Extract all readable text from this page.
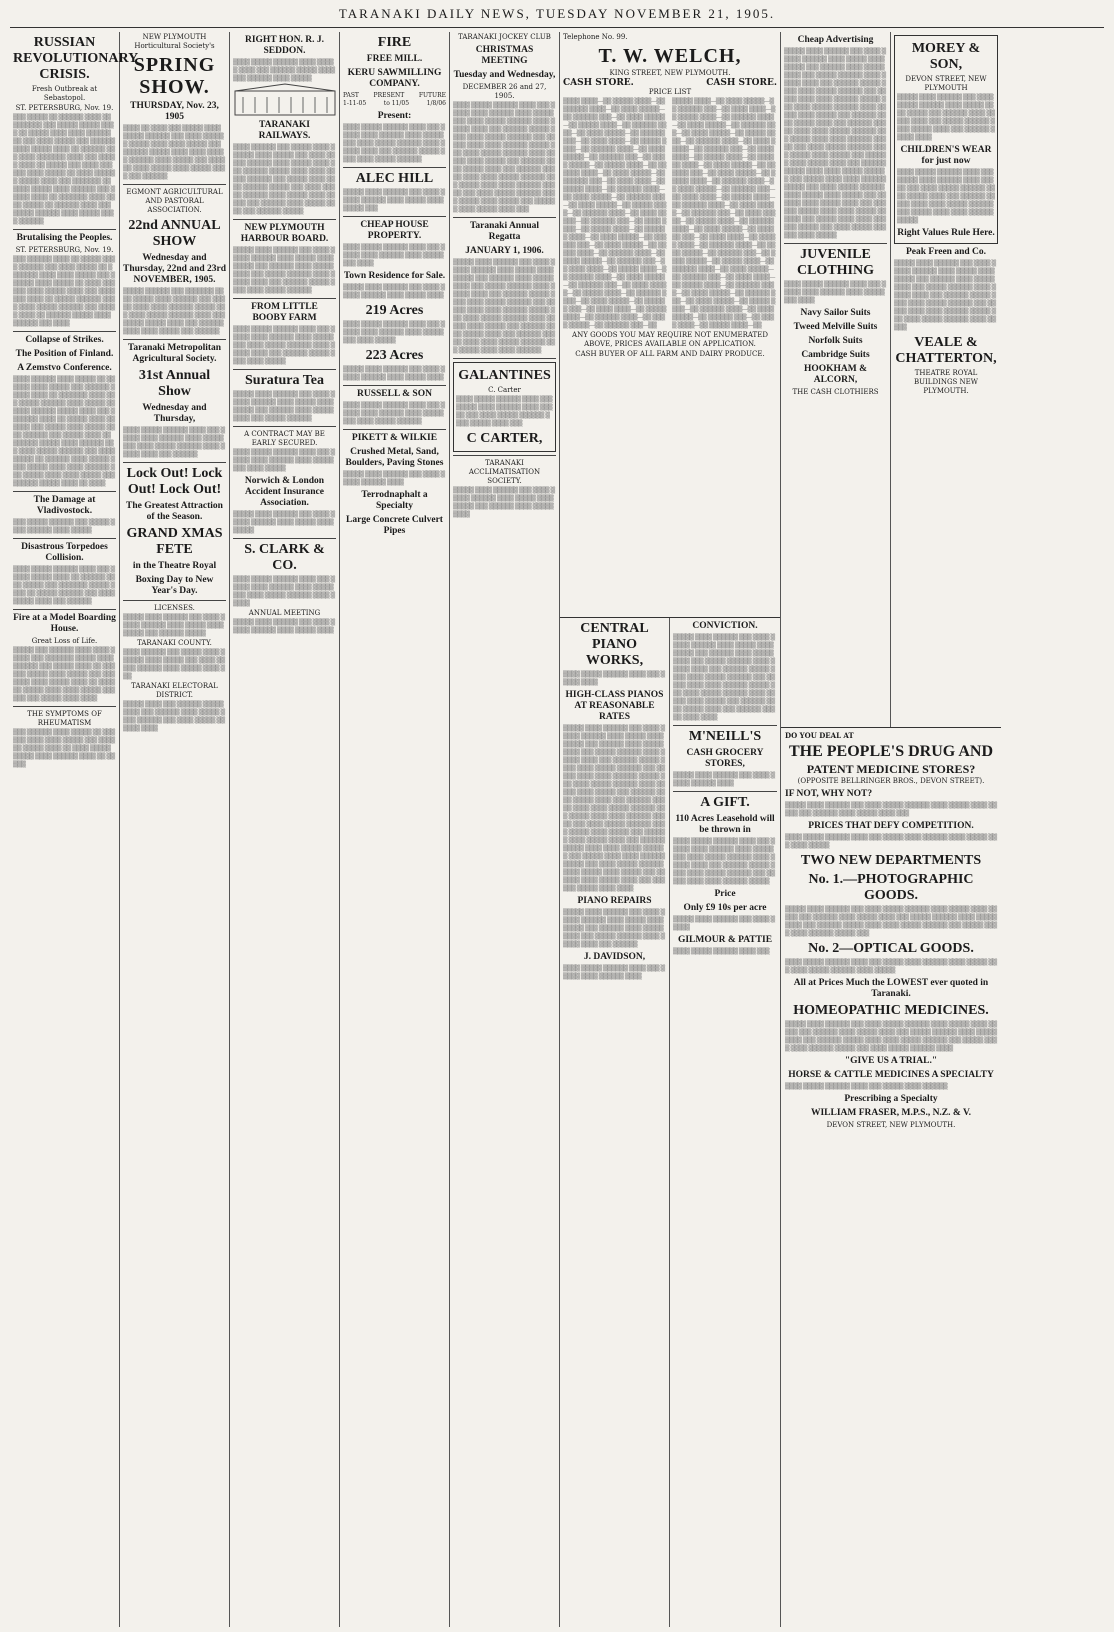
TARANAKI DAILY NEWS, TUESDAY NOVEMBER 21, 1905.
RUSSIAN REVOLUTIONARY CRISIS.
Fresh Outbreak at Sebastopol.
ST. PETERSBURG, Nov. 19.
▒▒▒ ▒▒▒▒▒ ▒▒ ▒▒▒▒▒▒ ▒▒▒▒ ▒▒ ▒▒▒▒▒▒▒ ▒▒▒ ▒▒▒▒▒ ▒▒▒▒▒ ▒▒▒▒ ▒▒ ▒▒▒▒▒ ▒▒▒▒ ▒▒▒▒ ▒▒▒▒▒▒ ▒▒ ▒▒▒ ▒▒▒▒ ▒▒▒▒▒ ▒▒▒ ▒▒▒▒▒▒ ▒▒▒▒ ▒▒▒▒▒ ▒▒▒▒ ▒▒ ▒▒▒▒▒▒ ▒▒▒ ▒▒▒▒ ▒▒▒▒▒▒▒ ▒▒▒▒ ▒▒▒ ▒▒▒▒▒ ▒▒▒▒ ▒▒ ▒▒▒▒▒ ▒▒▒ ▒▒▒▒ ▒▒▒▒▒▒ ▒▒▒▒ ▒▒▒▒▒ ▒▒ ▒▒▒▒ ▒▒▒▒▒▒ ▒▒▒▒▒ ▒▒▒▒ ▒▒▒ ▒▒▒▒▒▒▒ ▒▒ ▒▒▒▒ ▒▒▒▒▒ ▒▒▒▒ ▒▒▒▒▒▒ ▒▒▒ ▒▒▒▒▒ ▒▒▒▒ ▒▒ ▒▒▒▒▒▒▒ ▒▒▒▒ ▒▒▒▒ ▒▒▒▒▒ ▒▒ ▒▒▒▒▒▒ ▒▒▒▒ ▒▒▒ ▒▒▒▒▒ ▒▒▒▒▒▒ ▒▒▒▒ ▒▒▒▒▒ ▒▒▒▒ ▒▒▒▒▒▒
Brutalising the Peoples.
ST. PETERSBURG, Nov. 19.
▒▒▒ ▒▒▒▒▒▒ ▒▒▒▒ ▒▒ ▒▒▒▒▒ ▒▒▒▒ ▒▒▒▒▒▒ ▒▒▒ ▒▒▒▒ ▒▒▒▒▒ ▒▒ ▒▒▒▒▒▒▒ ▒▒▒▒ ▒▒▒▒ ▒▒▒▒▒ ▒▒▒ ▒▒▒▒▒▒ ▒▒▒▒ ▒▒▒▒▒ ▒▒ ▒▒▒▒ ▒▒▒▒▒▒ ▒▒▒▒ ▒▒▒▒▒ ▒▒▒▒ ▒▒▒ ▒▒▒▒▒▒▒ ▒▒▒▒ ▒▒ ▒▒▒▒▒ ▒▒▒▒▒▒ ▒▒▒▒ ▒▒▒▒ ▒▒▒▒▒ ▒▒▒▒▒▒ ▒▒▒ ▒▒▒▒▒ ▒▒▒▒ ▒▒ ▒▒▒▒▒▒ ▒▒▒▒▒ ▒▒▒▒ ▒▒▒▒▒▒ ▒▒▒ ▒▒▒▒
Collapse of Strikes.
The Position of Finland.
A Zemstvo Conference.
▒▒▒▒ ▒▒▒▒▒▒ ▒▒▒▒ ▒▒▒▒▒ ▒▒ ▒▒▒▒▒▒ ▒▒▒▒ ▒▒▒▒▒ ▒▒▒ ▒▒▒▒▒▒ ▒▒▒▒▒ ▒▒▒▒ ▒▒ ▒▒▒▒▒▒▒ ▒▒▒▒ ▒▒▒ ▒▒▒▒▒ ▒▒▒▒▒▒ ▒▒▒▒ ▒▒▒▒▒ ▒▒ ▒▒▒▒ ▒▒▒▒▒▒ ▒▒▒▒▒ ▒▒▒▒ ▒▒▒ ▒▒▒▒▒▒▒ ▒▒▒▒ ▒▒ ▒▒▒▒▒ ▒▒▒▒ ▒▒▒▒▒▒ ▒▒▒ ▒▒▒▒▒ ▒▒▒▒ ▒▒▒▒▒ ▒▒▒▒ ▒▒▒▒▒▒ ▒▒▒ ▒▒▒▒▒ ▒▒▒▒ ▒▒ ▒▒▒▒▒▒ ▒▒▒▒▒ ▒▒▒▒ ▒▒▒▒▒▒ ▒▒▒ ▒▒▒▒ ▒▒▒▒▒ ▒▒▒▒▒▒ ▒▒▒ ▒▒▒▒ ▒▒▒▒▒ ▒▒ ▒▒▒▒▒▒ ▒▒▒▒ ▒▒▒▒▒ ▒▒▒▒ ▒▒▒▒▒ ▒▒▒▒ ▒▒▒▒ ▒▒▒▒▒▒ ▒▒▒ ▒▒▒▒▒ ▒▒▒▒ ▒▒▒▒ ▒▒▒▒▒ ▒▒▒ ▒▒▒▒▒▒ ▒▒▒▒▒ ▒▒▒▒ ▒▒ ▒▒▒▒
The Damage at Vladivostock.
▒▒▒ ▒▒▒▒▒ ▒▒▒▒▒▒ ▒▒▒ ▒▒▒▒▒ ▒▒▒▒ ▒▒▒▒▒▒ ▒▒▒▒ ▒▒▒▒▒
Disastrous Torpedoes Collision.
▒▒▒▒ ▒▒▒▒▒ ▒▒▒▒▒▒ ▒▒▒▒ ▒▒▒ ▒▒▒▒▒ ▒▒▒▒▒ ▒▒▒▒ ▒▒ ▒▒▒▒▒▒ ▒▒▒▒ ▒▒▒▒▒ ▒▒▒ ▒▒▒▒▒▒▒ ▒▒▒▒▒ ▒▒▒▒ ▒▒ ▒▒▒▒▒ ▒▒▒▒▒▒ ▒▒▒ ▒▒▒▒ ▒▒▒▒▒ ▒▒▒▒ ▒▒▒ ▒▒▒▒▒▒
Fire at a Model Boarding House.
Great Loss of Life.
▒▒▒▒▒ ▒▒▒ ▒▒▒▒▒▒ ▒▒▒▒ ▒▒▒▒ ▒▒▒▒▒ ▒▒▒ ▒▒▒▒▒▒▒ ▒▒▒▒▒ ▒▒▒▒ ▒▒▒▒▒▒ ▒▒▒ ▒▒▒▒▒ ▒▒▒▒ ▒▒ ▒▒▒▒▒▒ ▒▒▒▒▒ ▒▒▒▒ ▒▒▒▒▒ ▒▒▒ ▒▒▒▒▒▒▒ ▒▒▒▒ ▒▒▒▒▒ ▒▒▒▒ ▒▒ ▒▒▒▒▒▒ ▒▒▒▒▒ ▒▒▒▒ ▒▒▒▒ ▒▒▒▒▒ ▒▒▒▒▒▒ ▒▒▒ ▒▒▒▒▒ ▒▒▒▒ ▒▒▒▒
THE SYMPTOMS OF RHEUMATISM
▒▒▒ ▒▒▒▒▒▒ ▒▒▒▒ ▒▒▒▒▒ ▒▒ ▒▒▒▒▒▒ ▒▒▒▒ ▒▒▒▒ ▒▒▒▒▒ ▒▒▒ ▒▒▒▒▒▒ ▒▒▒▒▒ ▒▒▒▒ ▒▒ ▒▒▒▒ ▒▒▒▒▒ ▒▒▒▒▒ ▒▒▒▒ ▒▒▒▒▒▒ ▒▒▒▒ ▒▒ ▒▒▒▒▒
NEW PLYMOUTH Horticultural Society's
SPRING SHOW.
THURSDAY, Nov. 23, 1905
▒▒▒▒ ▒▒ ▒▒▒▒ ▒▒▒ ▒▒▒▒▒ ▒▒▒▒ ▒▒▒▒▒ ▒▒▒▒▒▒ ▒▒▒ ▒▒▒▒ ▒▒▒▒▒▒ ▒▒▒▒▒ ▒▒▒▒ ▒▒▒▒ ▒▒▒▒▒ ▒▒▒ ▒▒▒▒▒▒ ▒▒▒▒▒ ▒▒▒▒ ▒▒▒▒ ▒▒▒▒▒ ▒▒▒▒▒▒ ▒▒▒▒ ▒▒▒▒▒ ▒▒▒ ▒▒▒▒▒▒ ▒▒▒▒ ▒▒▒▒▒ ▒▒▒▒ ▒▒▒▒▒ ▒▒▒▒ ▒▒▒ ▒▒▒▒▒▒
EGMONT AGRICULTURAL AND PASTORAL ASSOCIATION.
22nd ANNUAL SHOW
Wednesday and Thursday, 22nd and 23rd NOVEMBER, 1905.
▒▒▒▒▒ ▒▒▒▒▒▒ ▒▒▒ ▒▒▒▒▒▒▒ ▒▒▒▒ ▒▒▒▒▒ ▒▒▒▒ ▒▒▒▒▒▒ ▒▒▒ ▒▒▒▒▒ ▒▒▒▒ ▒▒▒▒ ▒▒▒▒▒▒ ▒▒▒▒▒ ▒▒▒ ▒▒▒▒ ▒▒▒▒▒ ▒▒▒▒▒▒ ▒▒▒▒ ▒▒▒ ▒▒▒▒▒ ▒▒▒▒▒ ▒▒▒▒ ▒▒▒ ▒▒▒▒▒▒ ▒▒▒▒ ▒▒▒▒ ▒▒▒▒▒ ▒▒▒ ▒▒▒▒▒▒
Taranaki Metropolitan Agricultural Society.
31st Annual Show
Wednesday and Thursday,
▒▒▒▒ ▒▒▒▒▒ ▒▒▒▒▒▒ ▒▒▒▒ ▒▒▒ ▒▒▒▒▒ ▒▒▒▒ ▒▒▒▒▒▒ ▒▒▒▒ ▒▒▒▒▒ ▒▒▒ ▒▒▒▒ ▒▒▒▒▒ ▒▒▒▒▒▒ ▒▒▒▒ ▒▒▒▒▒ ▒▒▒▒ ▒▒▒ ▒▒▒▒▒▒
Lock Out! Lock Out! Lock Out!
The Greatest Attraction of the Season.
GRAND XMAS FETE
in the Theatre Royal
Boxing Day to New Year's Day.
LICENSES.
▒▒▒▒▒ ▒▒▒▒ ▒▒▒▒▒▒ ▒▒▒ ▒▒▒▒ ▒▒▒▒▒ ▒▒▒▒▒▒ ▒▒▒▒ ▒▒▒▒▒ ▒▒▒▒ ▒▒▒▒▒ ▒▒▒ ▒▒▒▒▒▒ ▒▒▒▒▒
TARANAKI COUNTY.
▒▒▒▒ ▒▒▒▒▒▒ ▒▒▒ ▒▒▒▒▒ ▒▒▒▒ ▒▒▒▒▒▒ ▒▒▒▒ ▒▒▒▒▒ ▒▒▒ ▒▒▒▒ ▒▒▒▒▒ ▒▒▒▒▒▒ ▒▒▒▒ ▒▒▒▒▒ ▒▒▒▒ ▒▒▒
TARANAKI ELECTORAL DISTRICT.
▒▒▒▒▒ ▒▒▒▒ ▒▒▒ ▒▒▒▒▒▒ ▒▒▒▒▒ ▒▒▒▒ ▒▒▒ ▒▒▒▒▒▒ ▒▒▒▒ ▒▒▒▒▒ ▒▒▒▒ ▒▒▒▒▒▒ ▒▒▒ ▒▒▒▒ ▒▒▒▒▒ ▒▒▒▒▒▒ ▒▒▒▒
RIGHT HON. R. J. SEDDON.
▒▒▒▒ ▒▒▒▒▒ ▒▒▒▒▒▒ ▒▒▒▒ ▒▒▒▒▒ ▒▒▒▒ ▒▒▒ ▒▒▒▒▒▒ ▒▒▒▒▒ ▒▒▒▒ ▒▒▒ ▒▒▒▒▒▒ ▒▒▒▒ ▒▒▒▒▒
TARANAKI RAILWAYS.
▒▒▒▒ ▒▒▒▒▒▒ ▒▒▒ ▒▒▒▒▒ ▒▒▒▒ ▒▒▒▒▒▒ ▒▒▒▒ ▒▒▒▒▒ ▒▒▒ ▒▒▒▒ ▒▒▒▒▒ ▒▒▒▒▒▒ ▒▒▒▒ ▒▒▒▒▒ ▒▒▒▒ ▒▒▒ ▒▒▒▒▒▒ ▒▒▒▒▒ ▒▒▒▒ ▒▒▒▒ ▒▒▒▒▒ ▒▒▒▒▒▒ ▒▒▒ ▒▒▒▒▒ ▒▒▒▒ ▒▒▒▒ ▒▒▒▒▒▒ ▒▒▒▒▒ ▒▒▒ ▒▒▒▒ ▒▒▒▒▒ ▒▒▒▒▒▒ ▒▒▒▒ ▒▒▒▒▒ ▒▒▒▒ ▒▒▒▒▒ ▒▒▒ ▒▒▒▒▒▒ ▒▒▒▒ ▒▒▒▒▒ ▒▒▒▒ ▒▒▒ ▒▒▒▒▒▒ ▒▒▒▒▒
NEW PLYMOUTH HARBOUR BOARD.
▒▒▒▒▒ ▒▒▒▒ ▒▒▒▒▒▒ ▒▒▒ ▒▒▒▒ ▒▒▒▒▒ ▒▒▒▒▒▒ ▒▒▒▒ ▒▒▒▒▒ ▒▒▒▒ ▒▒▒▒▒ ▒▒▒ ▒▒▒▒▒▒ ▒▒▒▒ ▒▒▒▒▒ ▒▒▒▒ ▒▒▒ ▒▒▒▒▒ ▒▒▒▒▒▒ ▒▒▒▒ ▒▒▒▒▒ ▒▒▒▒ ▒▒▒ ▒▒▒▒▒▒ ▒▒▒▒▒ ▒▒▒▒ ▒▒▒▒ ▒▒▒▒▒ ▒▒▒▒▒▒
FROM LITTLE BOOBY FARM
▒▒▒▒ ▒▒▒▒▒ ▒▒▒▒▒▒ ▒▒▒▒ ▒▒▒ ▒▒▒▒▒ ▒▒▒▒ ▒▒▒▒▒▒ ▒▒▒▒ ▒▒▒▒▒ ▒▒▒ ▒▒▒▒ ▒▒▒▒▒ ▒▒▒▒▒▒ ▒▒▒▒ ▒▒▒▒▒ ▒▒▒▒ ▒▒▒ ▒▒▒▒▒▒ ▒▒▒▒▒ ▒▒▒▒ ▒▒▒▒ ▒▒▒▒▒
Suratura Tea
▒▒▒▒▒ ▒▒▒▒ ▒▒▒▒▒▒ ▒▒▒ ▒▒▒▒ ▒▒▒▒▒ ▒▒▒▒▒▒ ▒▒▒▒ ▒▒▒▒▒ ▒▒▒▒ ▒▒▒▒▒ ▒▒▒ ▒▒▒▒▒▒ ▒▒▒▒ ▒▒▒▒▒ ▒▒▒▒ ▒▒▒ ▒▒▒▒▒ ▒▒▒▒▒▒
A CONTRACT MAY BE EARLY SECURED.
▒▒▒▒ ▒▒▒▒▒ ▒▒▒▒▒▒ ▒▒▒▒ ▒▒▒ ▒▒▒▒▒ ▒▒▒▒ ▒▒▒▒▒▒ ▒▒▒▒ ▒▒▒▒▒ ▒▒▒ ▒▒▒▒ ▒▒▒▒▒
Norwich & London Accident Insurance Association.
▒▒▒▒▒ ▒▒▒▒ ▒▒▒▒▒▒ ▒▒▒ ▒▒▒▒ ▒▒▒▒▒ ▒▒▒▒▒▒ ▒▒▒▒ ▒▒▒▒▒ ▒▒▒▒ ▒▒▒▒▒
S. CLARK & CO.
▒▒▒▒ ▒▒▒▒▒ ▒▒▒▒▒▒ ▒▒▒▒ ▒▒▒ ▒▒▒▒▒ ▒▒▒▒ ▒▒▒▒▒▒ ▒▒▒▒ ▒▒▒▒▒ ▒▒▒ ▒▒▒▒ ▒▒▒▒▒ ▒▒▒▒▒▒ ▒▒▒▒ ▒▒▒▒▒
ANNUAL MEETING
▒▒▒▒▒ ▒▒▒▒ ▒▒▒▒▒▒ ▒▒▒ ▒▒▒▒ ▒▒▒▒▒ ▒▒▒▒▒▒ ▒▒▒▒ ▒▒▒▒▒ ▒▒▒▒
FIRE
FREE MILL.
KERU SAWMILLING COMPANY.
PAST PRESENT FUTURE
1-11-05	to 11/05	1/8/06
Present:
▒▒▒▒ ▒▒▒▒▒ ▒▒▒▒▒▒ ▒▒▒▒ ▒▒▒ ▒▒▒▒▒ ▒▒▒▒ ▒▒▒▒▒▒ ▒▒▒▒ ▒▒▒▒▒ ▒▒▒ ▒▒▒▒ ▒▒▒▒▒ ▒▒▒▒▒▒ ▒▒▒▒ ▒▒▒▒▒ ▒▒▒▒ ▒▒▒ ▒▒▒▒▒▒ ▒▒▒▒▒ ▒▒▒▒ ▒▒▒▒ ▒▒▒▒▒ ▒▒▒▒▒▒
ALEC HILL
▒▒▒▒▒ ▒▒▒▒ ▒▒▒▒▒▒ ▒▒▒ ▒▒▒▒ ▒▒▒▒▒ ▒▒▒▒▒▒ ▒▒▒▒ ▒▒▒▒▒ ▒▒▒▒ ▒▒▒▒▒ ▒▒▒
CHEAP HOUSE PROPERTY.
▒▒▒▒ ▒▒▒▒▒ ▒▒▒▒▒▒ ▒▒▒▒ ▒▒▒ ▒▒▒▒▒ ▒▒▒▒ ▒▒▒▒▒▒ ▒▒▒▒ ▒▒▒▒▒ ▒▒▒ ▒▒▒▒
Town Residence for Sale.
▒▒▒▒▒ ▒▒▒▒ ▒▒▒▒▒▒ ▒▒▒ ▒▒▒▒ ▒▒▒▒▒ ▒▒▒▒▒▒ ▒▒▒▒ ▒▒▒▒▒ ▒▒▒▒
219 Acres
▒▒▒▒ ▒▒▒▒▒ ▒▒▒▒▒▒ ▒▒▒▒ ▒▒▒ ▒▒▒▒▒ ▒▒▒▒ ▒▒▒▒▒▒ ▒▒▒▒ ▒▒▒▒▒ ▒▒▒ ▒▒▒▒ ▒▒▒▒▒
223 Acres
▒▒▒▒▒ ▒▒▒▒ ▒▒▒▒▒▒ ▒▒▒ ▒▒▒▒ ▒▒▒▒▒ ▒▒▒▒▒▒ ▒▒▒▒ ▒▒▒▒▒ ▒▒▒▒
RUSSELL & SON
▒▒▒▒ ▒▒▒▒▒ ▒▒▒▒▒▒ ▒▒▒▒ ▒▒▒ ▒▒▒▒▒ ▒▒▒▒ ▒▒▒▒▒▒ ▒▒▒▒ ▒▒▒▒▒ ▒▒▒ ▒▒▒▒ ▒▒▒▒▒ ▒▒▒▒▒▒
PIKETT & WILKIE
Crushed Metal, Sand, Boulders, Paving Stones
▒▒▒▒▒ ▒▒▒▒ ▒▒▒▒▒▒ ▒▒▒ ▒▒▒▒ ▒▒▒▒▒ ▒▒▒▒▒▒ ▒▒▒▒
Terrodnaphalt a Specialty
Large Concrete Culvert Pipes
TARANAKI JOCKEY CLUB
CHRISTMAS MEETING
Tuesday and Wednesday,
DECEMBER 26 and 27, 1905.
▒▒▒▒ ▒▒▒▒▒ ▒▒▒▒▒▒ ▒▒▒▒ ▒▒▒ ▒▒▒▒▒ ▒▒▒▒ ▒▒▒▒▒▒ ▒▒▒▒ ▒▒▒▒▒ ▒▒▒ ▒▒▒▒ ▒▒▒▒▒ ▒▒▒▒▒▒ ▒▒▒▒ ▒▒▒▒▒ ▒▒▒▒ ▒▒▒ ▒▒▒▒▒▒ ▒▒▒▒▒ ▒▒▒▒ ▒▒▒▒ ▒▒▒▒▒ ▒▒▒▒▒▒ ▒▒▒ ▒▒▒▒▒ ▒▒▒▒ ▒▒▒▒ ▒▒▒▒▒▒ ▒▒▒▒▒ ▒▒▒ ▒▒▒▒ ▒▒▒▒▒ ▒▒▒▒▒▒ ▒▒▒▒ ▒▒▒▒▒ ▒▒▒▒ ▒▒▒▒▒ ▒▒▒ ▒▒▒▒▒▒ ▒▒▒▒ ▒▒▒▒▒ ▒▒▒▒ ▒▒▒ ▒▒▒▒▒▒ ▒▒▒▒▒ ▒▒▒▒ ▒▒▒▒ ▒▒▒▒▒ ▒▒▒▒▒▒ ▒▒▒ ▒▒▒▒▒ ▒▒▒▒ ▒▒▒▒ ▒▒▒▒▒▒ ▒▒▒▒▒ ▒▒▒ ▒▒▒▒ ▒▒▒▒▒ ▒▒▒▒▒▒ ▒▒▒▒ ▒▒▒▒▒ ▒▒▒▒ ▒▒▒▒▒ ▒▒▒ ▒▒▒▒▒▒ ▒▒▒▒ ▒▒▒▒▒ ▒▒▒▒ ▒▒▒
Taranaki Annual Regatta
JANUARY 1, 1906.
▒▒▒▒▒ ▒▒▒▒ ▒▒▒▒▒▒ ▒▒▒ ▒▒▒▒ ▒▒▒▒▒ ▒▒▒▒▒▒ ▒▒▒▒ ▒▒▒▒▒ ▒▒▒▒ ▒▒▒▒▒ ▒▒▒ ▒▒▒▒▒▒ ▒▒▒▒ ▒▒▒▒▒ ▒▒▒▒ ▒▒▒ ▒▒▒▒▒ ▒▒▒▒▒▒ ▒▒▒▒ ▒▒▒▒▒ ▒▒▒▒ ▒▒▒ ▒▒▒▒▒▒ ▒▒▒▒▒ ▒▒▒▒ ▒▒▒▒ ▒▒▒▒▒ ▒▒▒▒▒▒ ▒▒▒ ▒▒▒▒▒ ▒▒▒▒ ▒▒▒▒ ▒▒▒▒▒▒ ▒▒▒▒▒ ▒▒▒ ▒▒▒▒ ▒▒▒▒▒ ▒▒▒▒▒▒ ▒▒▒▒ ▒▒▒▒▒ ▒▒▒▒ ▒▒▒▒▒ ▒▒▒ ▒▒▒▒▒▒ ▒▒▒▒ ▒▒▒▒▒ ▒▒▒▒ ▒▒▒ ▒▒▒▒▒▒ ▒▒▒▒▒ ▒▒▒▒ ▒▒▒▒ ▒▒▒▒▒ ▒▒▒▒▒▒ ▒▒▒ ▒▒▒▒▒ ▒▒▒▒ ▒▒▒▒ ▒▒▒▒▒▒
GALANTINES
C. Carter
▒▒▒▒ ▒▒▒▒▒ ▒▒▒▒▒▒ ▒▒▒▒ ▒▒▒ ▒▒▒▒▒ ▒▒▒▒ ▒▒▒▒▒▒ ▒▒▒▒ ▒▒▒▒▒ ▒▒▒ ▒▒▒▒ ▒▒▒▒▒ ▒▒▒▒▒▒ ▒▒▒▒ ▒▒▒▒▒ ▒▒▒▒ ▒▒▒
C CARTER,
TARANAKI ACCLIMATISATION SOCIETY.
▒▒▒▒▒ ▒▒▒▒ ▒▒▒▒▒▒ ▒▒▒ ▒▒▒▒ ▒▒▒▒▒ ▒▒▒▒▒▒ ▒▒▒▒ ▒▒▒▒▒ ▒▒▒▒ ▒▒▒▒▒ ▒▒▒ ▒▒▒▒▒▒ ▒▒▒▒ ▒▒▒▒▒ ▒▒▒▒
Telephone No. 99.
T. W. WELCH,
KING STREET, NEW PLYMOUTH.
CASH STORE.	CASH STORE.
PRICE LIST
▒▒▒▒ ▒▒▒▒—▒▒ ▒▒▒▒▒ ▒▒▒▒—▒▒ ▒▒▒▒▒▒ ▒▒▒▒—▒▒ ▒▒▒▒ ▒▒▒▒▒—▒▒ ▒▒▒▒▒▒ ▒▒▒—▒▒ ▒▒▒▒ ▒▒▒▒▒—▒▒ ▒▒▒▒▒ ▒▒▒▒—▒▒ ▒▒▒▒▒▒ ▒▒▒▒—▒▒ ▒▒▒▒ ▒▒▒▒▒—▒▒ ▒▒▒▒▒▒ ▒▒▒—▒▒ ▒▒▒▒ ▒▒▒▒—▒▒ ▒▒▒▒▒ ▒▒▒▒—▒▒ ▒▒▒▒▒▒ ▒▒▒▒—▒▒ ▒▒▒▒ ▒▒▒▒▒—▒▒ ▒▒▒▒▒▒ ▒▒▒—▒▒ ▒▒▒▒ ▒▒▒▒▒—▒▒ ▒▒▒▒▒ ▒▒▒▒—▒▒ ▒▒▒▒▒▒ ▒▒▒▒—▒▒ ▒▒▒▒ ▒▒▒▒▒—▒▒ ▒▒▒▒▒▒ ▒▒▒—▒▒ ▒▒▒▒ ▒▒▒▒—▒▒ ▒▒▒▒▒ ▒▒▒▒—▒▒ ▒▒▒▒▒▒ ▒▒▒▒—▒▒ ▒▒▒▒ ▒▒▒▒▒—▒▒ ▒▒▒▒▒▒ ▒▒▒—▒▒ ▒▒▒▒ ▒▒▒▒▒—▒▒ ▒▒▒▒▒ ▒▒▒▒—▒▒ ▒▒▒▒▒▒ ▒▒▒▒—▒▒ ▒▒▒▒ ▒▒▒▒▒—▒▒ ▒▒▒▒▒▒ ▒▒▒—▒▒ ▒▒▒▒ ▒▒▒▒—▒▒ ▒▒▒▒▒ ▒▒▒▒—▒▒ ▒▒▒▒▒▒ ▒▒▒▒—▒▒ ▒▒▒▒ ▒▒▒▒▒—▒▒ ▒▒▒▒▒▒ ▒▒▒—▒▒ ▒▒▒▒ ▒▒▒▒▒—▒▒ ▒▒▒▒▒ ▒▒▒▒—▒▒ ▒▒▒▒▒▒ ▒▒▒▒—▒▒ ▒▒▒▒ ▒▒▒▒▒—▒▒ ▒▒▒▒▒▒ ▒▒▒—▒▒ ▒▒▒▒ ▒▒▒▒—▒▒ ▒▒▒▒▒ ▒▒▒▒—▒▒ ▒▒▒▒▒▒ ▒▒▒▒—▒▒ ▒▒▒▒ ▒▒▒▒▒—▒▒ ▒▒▒▒▒▒ ▒▒▒—▒▒ ▒▒▒▒ ▒▒▒▒▒—▒▒ ▒▒▒▒▒ ▒▒▒▒—▒▒ ▒▒▒▒▒▒ ▒▒▒▒—▒▒ ▒▒▒▒ ▒▒▒▒▒—▒▒ ▒▒▒▒▒▒ ▒▒▒—▒▒ ▒▒▒▒ ▒▒▒▒—▒▒ ▒▒▒▒▒ ▒▒▒▒—▒▒ ▒▒▒▒▒▒ ▒▒▒▒—▒▒ ▒▒▒▒ ▒▒▒▒▒—▒▒ ▒▒▒▒▒▒ ▒▒▒—▒▒
▒▒▒▒▒ ▒▒▒▒—▒▒ ▒▒▒▒ ▒▒▒▒▒—▒▒ ▒▒▒▒▒▒ ▒▒▒—▒▒ ▒▒▒▒ ▒▒▒▒—▒▒ ▒▒▒▒▒ ▒▒▒▒—▒▒ ▒▒▒▒▒▒ ▒▒▒▒—▒▒ ▒▒▒▒ ▒▒▒▒▒—▒▒ ▒▒▒▒▒▒ ▒▒▒—▒▒ ▒▒▒▒ ▒▒▒▒▒—▒▒ ▒▒▒▒▒ ▒▒▒▒—▒▒ ▒▒▒▒▒▒ ▒▒▒▒—▒▒ ▒▒▒▒ ▒▒▒▒▒—▒▒ ▒▒▒▒▒▒ ▒▒▒—▒▒ ▒▒▒▒ ▒▒▒▒—▒▒ ▒▒▒▒▒ ▒▒▒▒—▒▒ ▒▒▒▒▒▒ ▒▒▒▒—▒▒ ▒▒▒▒ ▒▒▒▒▒—▒▒ ▒▒▒▒▒▒ ▒▒▒—▒▒ ▒▒▒▒ ▒▒▒▒▒—▒▒ ▒▒▒▒▒ ▒▒▒▒—▒▒ ▒▒▒▒▒▒ ▒▒▒▒—▒▒ ▒▒▒▒ ▒▒▒▒▒—▒▒ ▒▒▒▒▒▒ ▒▒▒—▒▒ ▒▒▒▒ ▒▒▒▒—▒▒ ▒▒▒▒▒ ▒▒▒▒—▒▒ ▒▒▒▒▒▒ ▒▒▒▒—▒▒ ▒▒▒▒ ▒▒▒▒▒—▒▒ ▒▒▒▒▒▒ ▒▒▒—▒▒ ▒▒▒▒ ▒▒▒▒▒—▒▒ ▒▒▒▒▒ ▒▒▒▒—▒▒ ▒▒▒▒▒▒ ▒▒▒▒—▒▒ ▒▒▒▒ ▒▒▒▒▒—▒▒ ▒▒▒▒▒▒ ▒▒▒—▒▒ ▒▒▒▒ ▒▒▒▒—▒▒ ▒▒▒▒▒ ▒▒▒▒—▒▒ ▒▒▒▒▒▒ ▒▒▒▒—▒▒ ▒▒▒▒ ▒▒▒▒▒—▒▒ ▒▒▒▒▒▒ ▒▒▒—▒▒ ▒▒▒▒ ▒▒▒▒▒—▒▒ ▒▒▒▒▒ ▒▒▒▒—▒▒ ▒▒▒▒▒▒ ▒▒▒▒—▒▒ ▒▒▒▒ ▒▒▒▒▒—▒▒ ▒▒▒▒▒▒ ▒▒▒—▒▒ ▒▒▒▒ ▒▒▒▒—▒▒ ▒▒▒▒▒ ▒▒▒▒—▒▒ ▒▒▒▒▒▒ ▒▒▒▒—▒▒ ▒▒▒▒ ▒▒▒▒▒—▒▒ ▒▒▒▒▒▒ ▒▒▒—▒▒ ▒▒▒▒ ▒▒▒▒▒—▒▒ ▒▒▒▒▒ ▒▒▒▒—▒▒ ▒▒▒▒▒▒ ▒▒▒▒—▒▒ ▒▒▒▒ ▒▒▒▒▒—▒▒ ▒▒▒▒▒▒ ▒▒▒—▒▒ ▒▒▒▒ ▒▒▒▒—▒▒ ▒▒▒▒▒ ▒▒▒▒—▒▒
ANY GOODS YOU MAY REQUIRE NOT ENUMERATED ABOVE, PRICES AVAILABLE ON APPLICATION.
CASH BUYER OF ALL FARM AND DAIRY PRODUCE.
CENTRAL PIANO WORKS,
▒▒▒▒ ▒▒▒▒▒ ▒▒▒▒▒▒ ▒▒▒▒ ▒▒▒ ▒▒▒▒▒ ▒▒▒▒
HIGH-CLASS PIANOS AT REASONABLE RATES
▒▒▒▒▒ ▒▒▒▒ ▒▒▒▒▒▒ ▒▒▒ ▒▒▒▒ ▒▒▒▒▒ ▒▒▒▒▒▒ ▒▒▒▒ ▒▒▒▒▒ ▒▒▒▒ ▒▒▒▒▒ ▒▒▒ ▒▒▒▒▒▒ ▒▒▒▒ ▒▒▒▒▒ ▒▒▒▒ ▒▒▒ ▒▒▒▒▒ ▒▒▒▒▒▒ ▒▒▒▒ ▒▒▒▒▒ ▒▒▒▒ ▒▒▒ ▒▒▒▒▒▒ ▒▒▒▒▒ ▒▒▒▒ ▒▒▒▒ ▒▒▒▒▒ ▒▒▒▒▒▒ ▒▒▒ ▒▒▒▒▒ ▒▒▒▒ ▒▒▒▒ ▒▒▒▒▒▒ ▒▒▒▒▒ ▒▒▒ ▒▒▒▒ ▒▒▒▒▒ ▒▒▒▒▒▒ ▒▒▒▒ ▒▒▒▒▒ ▒▒▒▒ ▒▒▒▒▒ ▒▒▒ ▒▒▒▒▒▒ ▒▒▒▒ ▒▒▒▒▒ ▒▒▒▒ ▒▒▒ ▒▒▒▒▒▒ ▒▒▒▒▒ ▒▒▒▒ ▒▒▒▒ ▒▒▒▒▒ ▒▒▒▒▒▒ ▒▒▒ ▒▒▒▒▒ ▒▒▒▒ ▒▒▒▒ ▒▒▒▒▒▒ ▒▒▒▒▒ ▒▒▒ ▒▒▒▒ ▒▒▒▒▒ ▒▒▒▒▒▒ ▒▒▒▒ ▒▒▒▒▒ ▒▒▒▒ ▒▒▒▒▒ ▒▒▒ ▒▒▒▒▒▒ ▒▒▒▒ ▒▒▒▒▒ ▒▒▒▒ ▒▒▒ ▒▒▒▒▒▒ ▒▒▒▒▒ ▒▒▒▒ ▒▒▒▒ ▒▒▒▒▒ ▒▒▒▒▒▒ ▒▒▒ ▒▒▒▒▒ ▒▒▒▒ ▒▒▒▒ ▒▒▒▒▒▒ ▒▒▒▒▒ ▒▒▒ ▒▒▒▒ ▒▒▒▒▒ ▒▒▒▒▒▒ ▒▒▒▒ ▒▒▒▒▒ ▒▒▒▒ ▒▒▒▒▒ ▒▒▒ ▒▒▒▒▒▒ ▒▒▒▒ ▒▒▒▒▒ ▒▒▒▒ ▒▒▒ ▒▒▒▒▒▒ ▒▒▒▒▒ ▒▒▒▒ ▒▒▒▒
PIANO REPAIRS
▒▒▒▒▒ ▒▒▒▒ ▒▒▒▒▒▒ ▒▒▒ ▒▒▒▒ ▒▒▒▒▒ ▒▒▒▒▒▒ ▒▒▒▒ ▒▒▒▒▒ ▒▒▒▒ ▒▒▒▒▒ ▒▒▒ ▒▒▒▒▒▒ ▒▒▒▒ ▒▒▒▒▒ ▒▒▒▒ ▒▒▒ ▒▒▒▒▒ ▒▒▒▒▒▒ ▒▒▒▒ ▒▒▒▒▒ ▒▒▒▒ ▒▒▒ ▒▒▒▒▒▒
J. DAVIDSON,
▒▒▒▒ ▒▒▒▒▒ ▒▒▒▒▒▒ ▒▒▒▒ ▒▒▒ ▒▒▒▒▒ ▒▒▒▒ ▒▒▒▒▒▒ ▒▒▒▒
CONVICTION.
▒▒▒▒▒ ▒▒▒▒ ▒▒▒▒▒▒ ▒▒▒ ▒▒▒▒ ▒▒▒▒▒ ▒▒▒▒▒▒ ▒▒▒▒ ▒▒▒▒▒ ▒▒▒▒ ▒▒▒▒▒ ▒▒▒ ▒▒▒▒▒▒ ▒▒▒▒ ▒▒▒▒▒ ▒▒▒▒ ▒▒▒ ▒▒▒▒▒ ▒▒▒▒▒▒ ▒▒▒▒ ▒▒▒▒▒ ▒▒▒▒ ▒▒▒ ▒▒▒▒▒▒ ▒▒▒▒▒ ▒▒▒▒ ▒▒▒▒ ▒▒▒▒▒ ▒▒▒▒▒▒ ▒▒▒ ▒▒▒▒▒ ▒▒▒▒ ▒▒▒▒ ▒▒▒▒▒▒ ▒▒▒▒▒ ▒▒▒ ▒▒▒▒ ▒▒▒▒▒ ▒▒▒▒▒▒ ▒▒▒▒ ▒▒▒▒▒ ▒▒▒▒ ▒▒▒▒▒ ▒▒▒ ▒▒▒▒▒▒ ▒▒▒▒ ▒▒▒▒▒ ▒▒▒▒ ▒▒▒ ▒▒▒▒▒▒ ▒▒▒▒▒ ▒▒▒▒ ▒▒▒▒
M'NEILL'S
CASH GROCERY STORES,
▒▒▒▒▒ ▒▒▒▒ ▒▒▒▒▒▒ ▒▒▒ ▒▒▒▒ ▒▒▒▒▒ ▒▒▒▒▒▒ ▒▒▒▒
A GIFT.
110 Acres Leasehold will be thrown in
▒▒▒▒ ▒▒▒▒▒ ▒▒▒▒▒▒ ▒▒▒▒ ▒▒▒ ▒▒▒▒▒ ▒▒▒▒ ▒▒▒▒▒▒ ▒▒▒▒ ▒▒▒▒▒ ▒▒▒ ▒▒▒▒ ▒▒▒▒▒ ▒▒▒▒▒▒ ▒▒▒▒ ▒▒▒▒▒ ▒▒▒▒ ▒▒▒ ▒▒▒▒▒▒ ▒▒▒▒▒ ▒▒▒▒ ▒▒▒▒ ▒▒▒▒▒ ▒▒▒▒▒▒ ▒▒▒ ▒▒▒▒▒ ▒▒▒▒ ▒▒▒▒ ▒▒▒▒▒▒ ▒▒▒▒▒
Price
Only £9 10s per acre
▒▒▒▒▒ ▒▒▒▒ ▒▒▒▒▒▒ ▒▒▒ ▒▒▒▒ ▒▒▒▒▒
GILMOUR & PATTIE
▒▒▒▒ ▒▒▒▒▒ ▒▒▒▒▒▒ ▒▒▒▒ ▒▒▒
Cheap Advertising
▒▒▒▒▒ ▒▒▒▒ ▒▒▒▒▒▒ ▒▒▒ ▒▒▒▒ ▒▒▒▒▒ ▒▒▒▒▒▒ ▒▒▒▒ ▒▒▒▒▒ ▒▒▒▒ ▒▒▒▒▒ ▒▒▒ ▒▒▒▒▒▒ ▒▒▒▒ ▒▒▒▒▒ ▒▒▒▒ ▒▒▒ ▒▒▒▒▒ ▒▒▒▒▒▒ ▒▒▒▒ ▒▒▒▒▒ ▒▒▒▒ ▒▒▒ ▒▒▒▒▒▒ ▒▒▒▒▒ ▒▒▒▒ ▒▒▒▒ ▒▒▒▒▒ ▒▒▒▒▒▒ ▒▒▒ ▒▒▒▒▒ ▒▒▒▒ ▒▒▒▒ ▒▒▒▒▒▒ ▒▒▒▒▒ ▒▒▒ ▒▒▒▒ ▒▒▒▒▒ ▒▒▒▒▒▒ ▒▒▒▒ ▒▒▒▒▒ ▒▒▒▒ ▒▒▒▒▒ ▒▒▒ ▒▒▒▒▒▒ ▒▒▒▒ ▒▒▒▒▒ ▒▒▒▒ ▒▒▒ ▒▒▒▒▒▒ ▒▒▒▒▒ ▒▒▒▒ ▒▒▒▒ ▒▒▒▒▒ ▒▒▒▒▒▒ ▒▒▒ ▒▒▒▒▒ ▒▒▒▒ ▒▒▒▒ ▒▒▒▒▒▒ ▒▒▒▒▒ ▒▒▒ ▒▒▒▒ ▒▒▒▒▒ ▒▒▒▒▒▒ ▒▒▒▒ ▒▒▒▒▒ ▒▒▒▒ ▒▒▒▒▒ ▒▒▒ ▒▒▒▒▒▒ ▒▒▒▒ ▒▒▒▒▒ ▒▒▒▒ ▒▒▒ ▒▒▒▒▒▒ ▒▒▒▒▒ ▒▒▒▒ ▒▒▒▒ ▒▒▒▒▒ ▒▒▒▒▒▒ ▒▒▒ ▒▒▒▒▒ ▒▒▒▒ ▒▒▒▒ ▒▒▒▒▒▒ ▒▒▒▒▒ ▒▒▒ ▒▒▒▒ ▒▒▒▒▒ ▒▒▒▒▒▒ ▒▒▒▒ ▒▒▒▒▒ ▒▒▒▒ ▒▒▒▒▒ ▒▒▒ ▒▒▒▒▒▒ ▒▒▒▒ ▒▒▒▒▒ ▒▒▒▒ ▒▒▒ ▒▒▒▒▒▒ ▒▒▒▒▒ ▒▒▒▒ ▒▒▒▒ ▒▒▒▒▒ ▒▒▒▒▒▒ ▒▒▒ ▒▒▒▒▒ ▒▒▒▒ ▒▒▒▒ ▒▒▒▒▒▒ ▒▒▒▒▒ ▒▒▒ ▒▒▒▒ ▒▒▒▒▒ ▒▒▒▒▒▒ ▒▒▒▒ ▒▒▒▒▒
JUVENILE CLOTHING
▒▒▒▒ ▒▒▒▒▒ ▒▒▒▒▒▒ ▒▒▒▒ ▒▒▒ ▒▒▒▒▒ ▒▒▒▒ ▒▒▒▒▒▒ ▒▒▒▒ ▒▒▒▒▒ ▒▒▒ ▒▒▒▒
Navy Sailor Suits
Tweed Melville Suits
Norfolk Suits
Cambridge Suits
HOOKHAM & ALCORN,
THE CASH CLOTHIERS
MOREY & SON,
DEVON STREET, NEW PLYMOUTH
▒▒▒▒▒ ▒▒▒▒ ▒▒▒▒▒▒ ▒▒▒ ▒▒▒▒ ▒▒▒▒▒ ▒▒▒▒▒▒ ▒▒▒▒ ▒▒▒▒▒ ▒▒▒▒ ▒▒▒▒▒ ▒▒▒ ▒▒▒▒▒▒ ▒▒▒▒ ▒▒▒▒▒ ▒▒▒▒ ▒▒▒ ▒▒▒▒▒ ▒▒▒▒▒▒ ▒▒▒▒ ▒▒▒▒▒ ▒▒▒▒ ▒▒▒ ▒▒▒▒▒▒ ▒▒▒▒▒ ▒▒▒▒
CHILDREN'S WEAR for just now
▒▒▒▒ ▒▒▒▒▒ ▒▒▒▒▒▒ ▒▒▒▒ ▒▒▒ ▒▒▒▒▒ ▒▒▒▒ ▒▒▒▒▒▒ ▒▒▒▒ ▒▒▒▒▒ ▒▒▒ ▒▒▒▒ ▒▒▒▒▒ ▒▒▒▒▒▒ ▒▒▒▒ ▒▒▒▒▒ ▒▒▒▒ ▒▒▒ ▒▒▒▒▒▒ ▒▒▒▒▒ ▒▒▒▒ ▒▒▒▒ ▒▒▒▒▒ ▒▒▒▒▒▒ ▒▒▒ ▒▒▒▒▒ ▒▒▒▒ ▒▒▒▒ ▒▒▒▒▒▒ ▒▒▒▒▒
Right Values Rule Here.
Peak Freen and Co.
▒▒▒▒▒ ▒▒▒▒ ▒▒▒▒▒▒ ▒▒▒ ▒▒▒▒ ▒▒▒▒▒ ▒▒▒▒▒▒ ▒▒▒▒ ▒▒▒▒▒ ▒▒▒▒ ▒▒▒▒▒ ▒▒▒ ▒▒▒▒▒▒ ▒▒▒▒ ▒▒▒▒▒ ▒▒▒▒ ▒▒▒ ▒▒▒▒▒ ▒▒▒▒▒▒ ▒▒▒▒ ▒▒▒▒▒ ▒▒▒▒ ▒▒▒ ▒▒▒▒▒▒ ▒▒▒▒▒ ▒▒▒▒ ▒▒▒▒ ▒▒▒▒▒ ▒▒▒▒▒▒ ▒▒▒ ▒▒▒▒▒ ▒▒▒▒ ▒▒▒▒ ▒▒▒▒▒▒ ▒▒▒▒▒ ▒▒▒ ▒▒▒▒ ▒▒▒▒▒ ▒▒▒▒▒▒ ▒▒▒▒ ▒▒▒▒▒
VEALE & CHATTERTON,
THEATRE ROYAL BUILDINGS NEW PLYMOUTH.
DO YOU DEAL AT
THE PEOPLE'S DRUG AND
PATENT MEDICINE STORES?
(OPPOSITE BELLRINGER BROS., DEVON STREET).
IF NOT, WHY NOT?
▒▒▒▒▒ ▒▒▒▒ ▒▒▒▒▒▒ ▒▒▒ ▒▒▒▒ ▒▒▒▒▒ ▒▒▒▒▒▒ ▒▒▒▒ ▒▒▒▒▒ ▒▒▒▒ ▒▒▒▒▒ ▒▒▒ ▒▒▒▒▒▒ ▒▒▒▒ ▒▒▒▒▒ ▒▒▒▒ ▒▒▒
PRICES THAT DEFY COMPETITION.
▒▒▒▒ ▒▒▒▒▒ ▒▒▒▒▒▒ ▒▒▒▒ ▒▒▒ ▒▒▒▒▒ ▒▒▒▒ ▒▒▒▒▒▒ ▒▒▒▒ ▒▒▒▒▒ ▒▒▒ ▒▒▒▒ ▒▒▒▒▒
TWO NEW DEPARTMENTS
No. 1.—PHOTOGRAPHIC GOODS.
▒▒▒▒▒ ▒▒▒▒ ▒▒▒▒▒▒ ▒▒▒ ▒▒▒▒ ▒▒▒▒▒ ▒▒▒▒▒▒ ▒▒▒▒ ▒▒▒▒▒ ▒▒▒▒ ▒▒▒▒▒ ▒▒▒ ▒▒▒▒▒▒ ▒▒▒▒ ▒▒▒▒▒ ▒▒▒▒ ▒▒▒ ▒▒▒▒▒ ▒▒▒▒▒▒ ▒▒▒▒ ▒▒▒▒▒ ▒▒▒▒ ▒▒▒ ▒▒▒▒▒▒ ▒▒▒▒▒ ▒▒▒▒ ▒▒▒▒ ▒▒▒▒▒ ▒▒▒▒▒▒ ▒▒▒ ▒▒▒▒▒ ▒▒▒▒ ▒▒▒▒ ▒▒▒▒▒▒ ▒▒▒▒▒ ▒▒▒
No. 2—OPTICAL GOODS.
▒▒▒▒ ▒▒▒▒▒ ▒▒▒▒▒▒ ▒▒▒▒ ▒▒▒ ▒▒▒▒▒ ▒▒▒▒ ▒▒▒▒▒▒ ▒▒▒▒ ▒▒▒▒▒ ▒▒▒ ▒▒▒▒ ▒▒▒▒▒ ▒▒▒▒▒▒ ▒▒▒▒ ▒▒▒▒▒
All at Prices Much the LOWEST ever quoted in Taranaki.
HOMEOPATHIC MEDICINES.
▒▒▒▒▒ ▒▒▒▒ ▒▒▒▒▒▒ ▒▒▒ ▒▒▒▒ ▒▒▒▒▒ ▒▒▒▒▒▒ ▒▒▒▒ ▒▒▒▒▒ ▒▒▒▒ ▒▒▒▒▒ ▒▒▒ ▒▒▒▒▒▒ ▒▒▒▒ ▒▒▒▒▒ ▒▒▒▒ ▒▒▒ ▒▒▒▒▒ ▒▒▒▒▒▒ ▒▒▒▒ ▒▒▒▒▒ ▒▒▒▒ ▒▒▒ ▒▒▒▒▒▒ ▒▒▒▒▒ ▒▒▒▒ ▒▒▒▒ ▒▒▒▒▒ ▒▒▒▒▒▒ ▒▒▒ ▒▒▒▒▒ ▒▒▒▒ ▒▒▒▒ ▒▒▒▒▒▒ ▒▒▒▒▒ ▒▒▒ ▒▒▒▒ ▒▒▒▒▒ ▒▒▒▒▒▒ ▒▒▒▒
"GIVE US A TRIAL."
HORSE & CATTLE MEDICINES A SPECIALTY
▒▒▒▒ ▒▒▒▒▒ ▒▒▒▒▒▒ ▒▒▒▒ ▒▒▒ ▒▒▒▒▒ ▒▒▒▒ ▒▒▒▒▒▒
Prescribing a Specialty
WILLIAM FRASER, M.P.S., N.Z. & V.
DEVON STREET, NEW PLYMOUTH.
